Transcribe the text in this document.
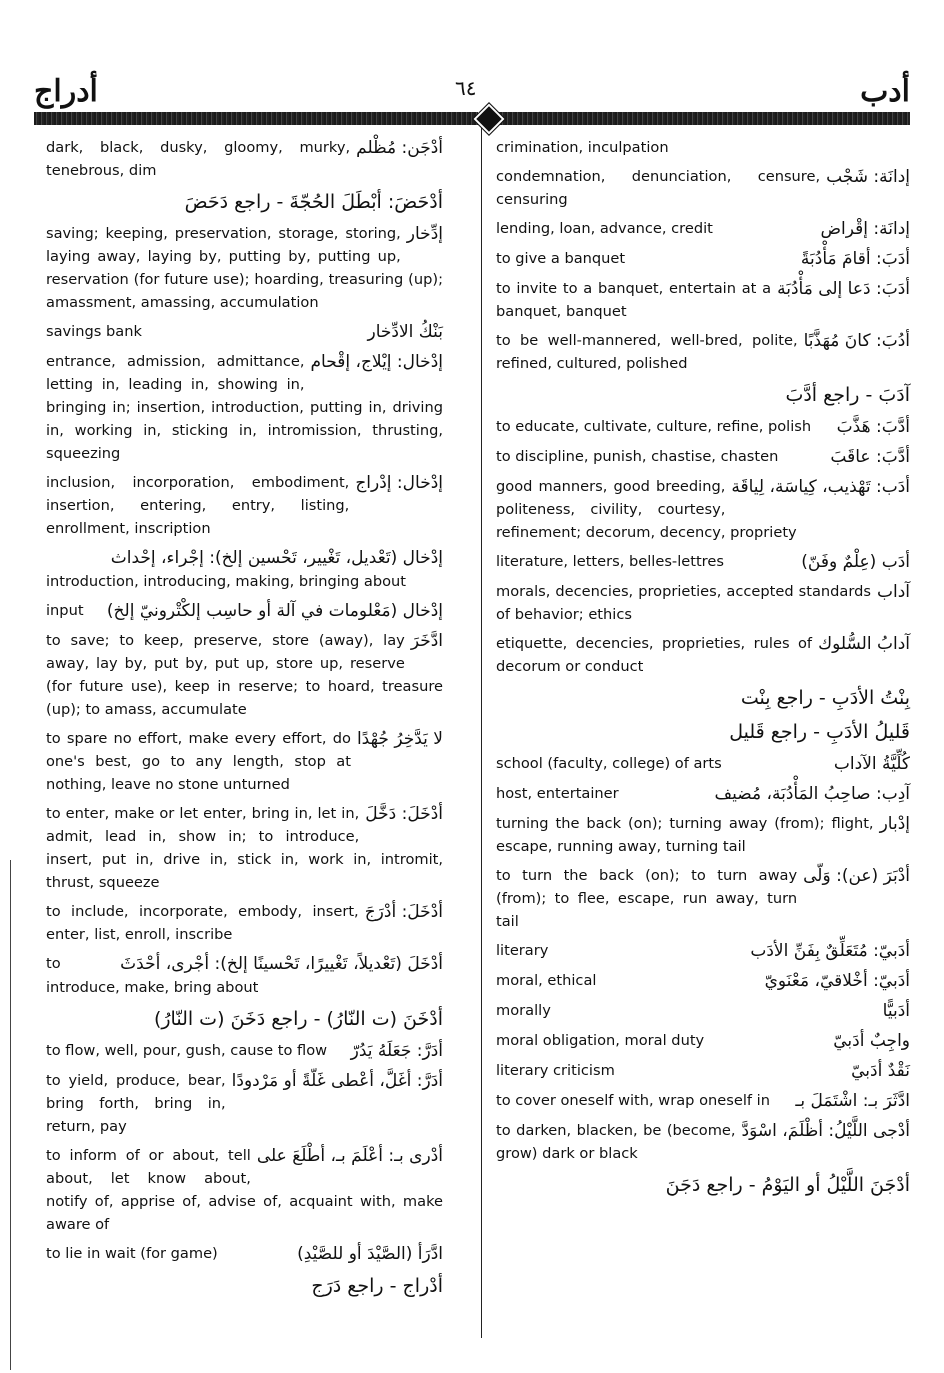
أدراج	٦٤	أدب
أدْجَن: مُظْلم
dark, black, dusky, gloomy, murky, tenebrous, dim
أدْحَضَ: أبْطَلَ الحُجّةَ - راجع دَحَضَ
إدِّخار
saving; keeping, preservation, storage, storing, laying away, laying by, putting by, putting up, reservation (for future use); hoarding, treasuring (up); amassment, amassing, accumulation
بَنْكُ الادِّخار
savings bank
إدْخال: إيْلاج، إقْحام
entrance, admission, admittance, letting in, leading in, showing in, bringing in; insertion, introduction, putting in, driving in, working in, sticking in, intromission, thrusting, squeezing
إدْخال: إدْراج
inclusion, incorporation, embodiment, insertion, entering, entry, listing, enrollment, inscription
إدْخال (تَعْديل، تَغْيير، تَحْسين إلخ): إجْراء، إحْداث
introduction, introducing, making, bringing about
إدْخال (مَعْلومات في آلة أو حاسِب إلكْتْرونيّ إلخ)
input
ادَّخَرَ
to save; to keep, preserve, store (away), lay away, lay by, put by, put up, store up, reserve (for future use), keep in reserve; to hoard, treasure (up); to amass, accumulate
لا يَدَّخِرُ جُهْدًا
to spare no effort, make every effort, do one's best, go to any length, stop at nothing, leave no stone unturned
أدْخَلَ: دَخَّلَ
to enter, make or let enter, bring in, let in, admit, lead in, show in; to introduce, insert, put in, drive in, stick in, work in, intromit, thrust, squeeze
أدْخَلَ: أدْرَجَ
to include, incorporate, embody, insert, enter, list, enroll, inscribe
أدْخَلَ (تَعْديلاً، تَغْييرًا، تَحْسينًا إلخ): أجْرى، أحْدَثَ
to introduce, make, bring about
أدْخَنَ (ت النّارُ) - راجع دَخَنَ (ت النّارُ)
أدَرَّ: جَعَلَهُ يَدُرّ
to flow, well, pour, gush, cause to flow
أدَرَّ: أغَلَّ، أعْطى غَلّةً أو مَرْدودًا
to yield, produce, bear, bring forth, bring in, return, pay
أدْرى بـ: أعْلَمَ بـ، أطْلَعَ على
to inform of or about, tell about, let know about, notify of, apprise of, advise of, acquaint with, make aware of
ادَّرَأ (الصَّيْدَ أو للصَّيْدِ)
to lie in wait (for game)
أدْراج - راجع دَرَج
crimination, inculpation
إدانَة: شَجْب
condemnation, denunciation, censure, censuring
إدانَة: إقْراض
lending, loan, advance, credit
أدَبَ: أقامَ مَأْدُبَةً
to give a banquet
أدَبَ: دَعا إلى مَأْدُبَة
to invite to a banquet, entertain at a banquet, banquet
أدُبَ: كانَ مُهَذَّبًا
to be well-mannered, well-bred, polite, refined, cultured, polished
آدَبَ - راجع أدَّبَ
أدَّبَ: هَذَّبَ
to educate, cultivate, culture, refine, polish
أدَّبَ: عاقَبَ
to discipline, punish, chastise, chasten
أدَب: تَهْذيب، كِياسَة، لِياقَة
good manners, good breeding, politeness, civility, courtesy, refinement; decorum, decency, propriety
أدَب (عِلْمٌ وفَنّ)
literature, letters, belles-lettres
آداب
morals, decencies, proprieties, accepted standards of behavior; ethics
آدابُ السُّلوك
etiquette, decencies, proprieties, rules of decorum or conduct
بِنْتُ الأدَبِ - راجع بِنْت
قَليلُ الأدَبِ - راجع قَليل
كُلِّيَّةُ الآداب
school (faculty, college) of arts
آدِب: صاحِبُ المَأْدُبَة، مُضيف
host, entertainer
إدْبار
turning the back (on); turning away (from); flight, escape, running away, turning tail
أدْبَرَ (عن): وَلّى
to turn the back (on); to turn away (from); to flee, escape, run away, turn tail
أدَبيّ: مُتَعَلِّقٌ بِفَنِّ الأدَب
literary
أدَبيّ: أخْلاقيّ، مَعْنَويّ
moral, ethical
أدَبيًّا
morally
واجِبٌ أدَبيّ
moral obligation, moral duty
نَقْدٌ أدَبيّ
literary criticism
ادَّثَرَ بـ: اشْتَمَلَ بـ
to cover oneself with, wrap oneself in
أدْجى اللَّيْلُ: أظْلَمَ، اسْوَدَّ
to darken, blacken, be (become, grow) dark or black
أدْجَنَ اللَّيْلُ أو اليَوْمُ - راجع دَجَنَ
